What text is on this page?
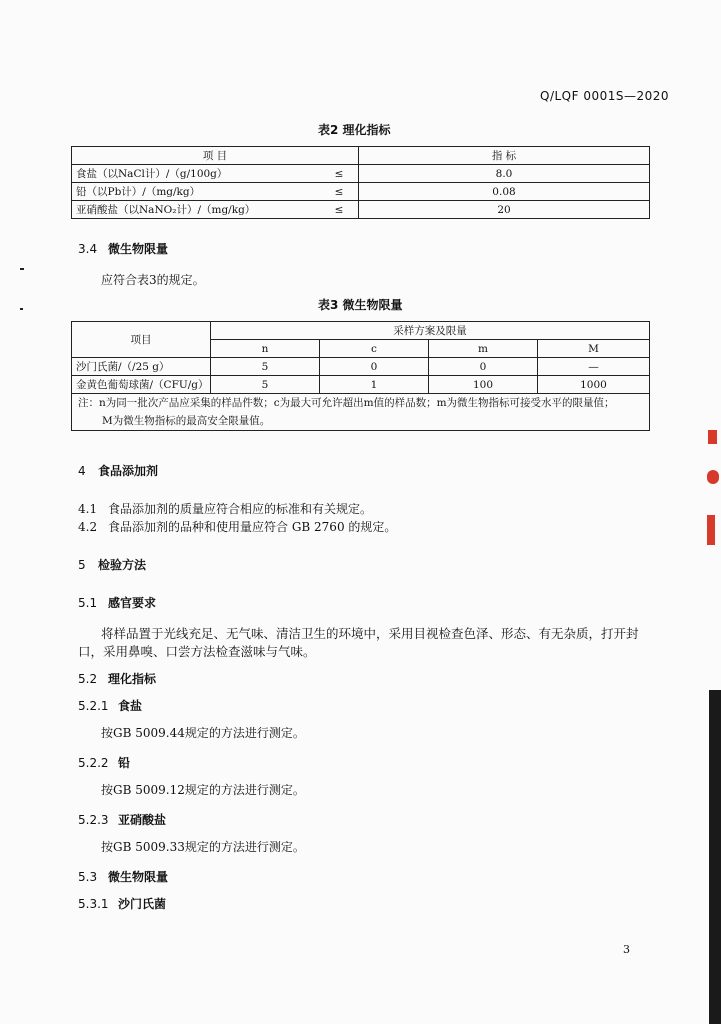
Q/LQF 0001S—2020
表2 理化指标
项 目		指 标
食盐（以NaCl计）/（g/100g）	≤	8.0
铅（以Pb计）/（mg/kg）	≤	0.08
亚硝酸盐（以NaNO₂计）/（mg/kg）	≤	20
3.4 微生物限量
应符合表3的规定。
表3 微生物限量
项目	采样方案及限量			
	n	c	m	M
沙门氏菌/（/25 g）	5	0	0	—
金黄色葡萄球菌/（CFU/g）	5	1	100	1000

注：n为同一批次产品应采集的样品件数；c为最大可允许超出m值的样品数；m为微生物指标可接受水平的限量值；
M为微生物指标的最高安全限量值。				
4 食品添加剂
4.1 食品添加剂的质量应符合相应的标准和有关规定。
4.2 食品添加剂的品种和使用量应符合 GB 2760 的规定。
5 检验方法
5.1 感官要求
将样品置于光线充足、无气味、清洁卫生的环境中，采用目视检查色泽、形态、有无杂质，打开封
口，采用鼻嗅、口尝方法检查滋味与气味。
5.2 理化指标
5.2.1 食盐
按GB 5009.44规定的方法进行测定。
5.2.2 铅
按GB 5009.12规定的方法进行测定。
5.2.3 亚硝酸盐
按GB 5009.33规定的方法进行测定。
5.3 微生物限量
5.3.1 沙门氏菌
3
